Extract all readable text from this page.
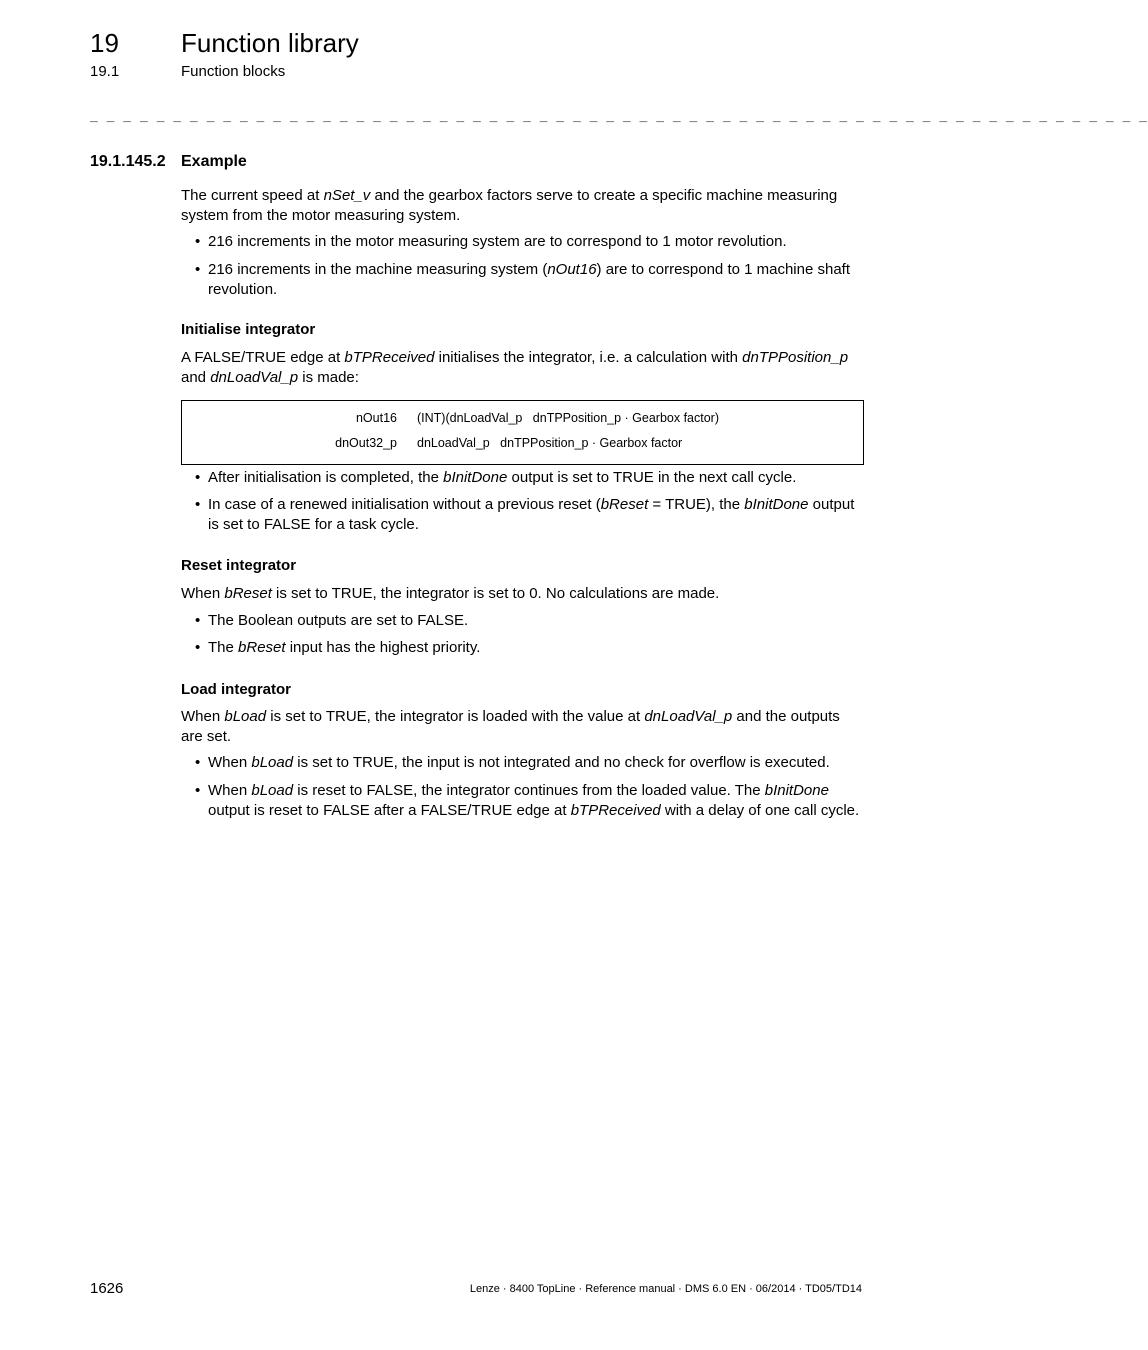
19 Function library
19.1	Function blocks
_ _ _ _ _ _ _ _ _ _ _ _ _ _ _ _ _ _ _ _ _ _ _ _ _ _ _ _ _ _ _ _ _ _ _ _ _ _ _ _ _ _ _ _ _ _ _ _ _ _ _ _ _ _ _ _ _ _ _ _ _ _ _ _
19.1.145.2 Example
The current speed at nSet_v and the gearbox factors serve to create a specific machine measuring system from the motor measuring system.
• 216 increments in the motor measuring system are to correspond to 1 motor revolution.
• 216 increments in the machine measuring system (nOut16) are to correspond to 1 machine shaft revolution.
Initialise integrator
A FALSE/TRUE edge at bTPReceived initialises the integrator, i.e. a calculation with dnTPPosition_p and dnLoadVal_p is made:
nOut16 (INT)(dnLoadVal_p   dnTPPosition_p · Gearbox factor)
dnOut32_p dnLoadVal_p   dnTPPosition_p · Gearbox factor
• After initialisation is completed, the bInitDone output is set to TRUE in the next call cycle.
• In case of a renewed initialisation without a previous reset (bReset = TRUE), the bInitDone output is set to FALSE for a task cycle.
Reset integrator
When bReset is set to TRUE, the integrator is set to 0. No calculations are made.
• The Boolean outputs are set to FALSE.
• The bReset input has the highest priority.
Load integrator
When bLoad is set to TRUE, the integrator is loaded with the value at dnLoadVal_p and the outputs are set.
• When bLoad is set to TRUE, the input is not integrated and no check for overflow is executed.
• When bLoad is reset to FALSE, the integrator continues from the loaded value. The bInitDone output is reset to FALSE after a FALSE/TRUE edge at bTPReceived with a delay of one call cycle.
1626	Lenze · 8400 TopLine · Reference manual · DMS 6.0 EN · 06/2014 · TD05/TD14
